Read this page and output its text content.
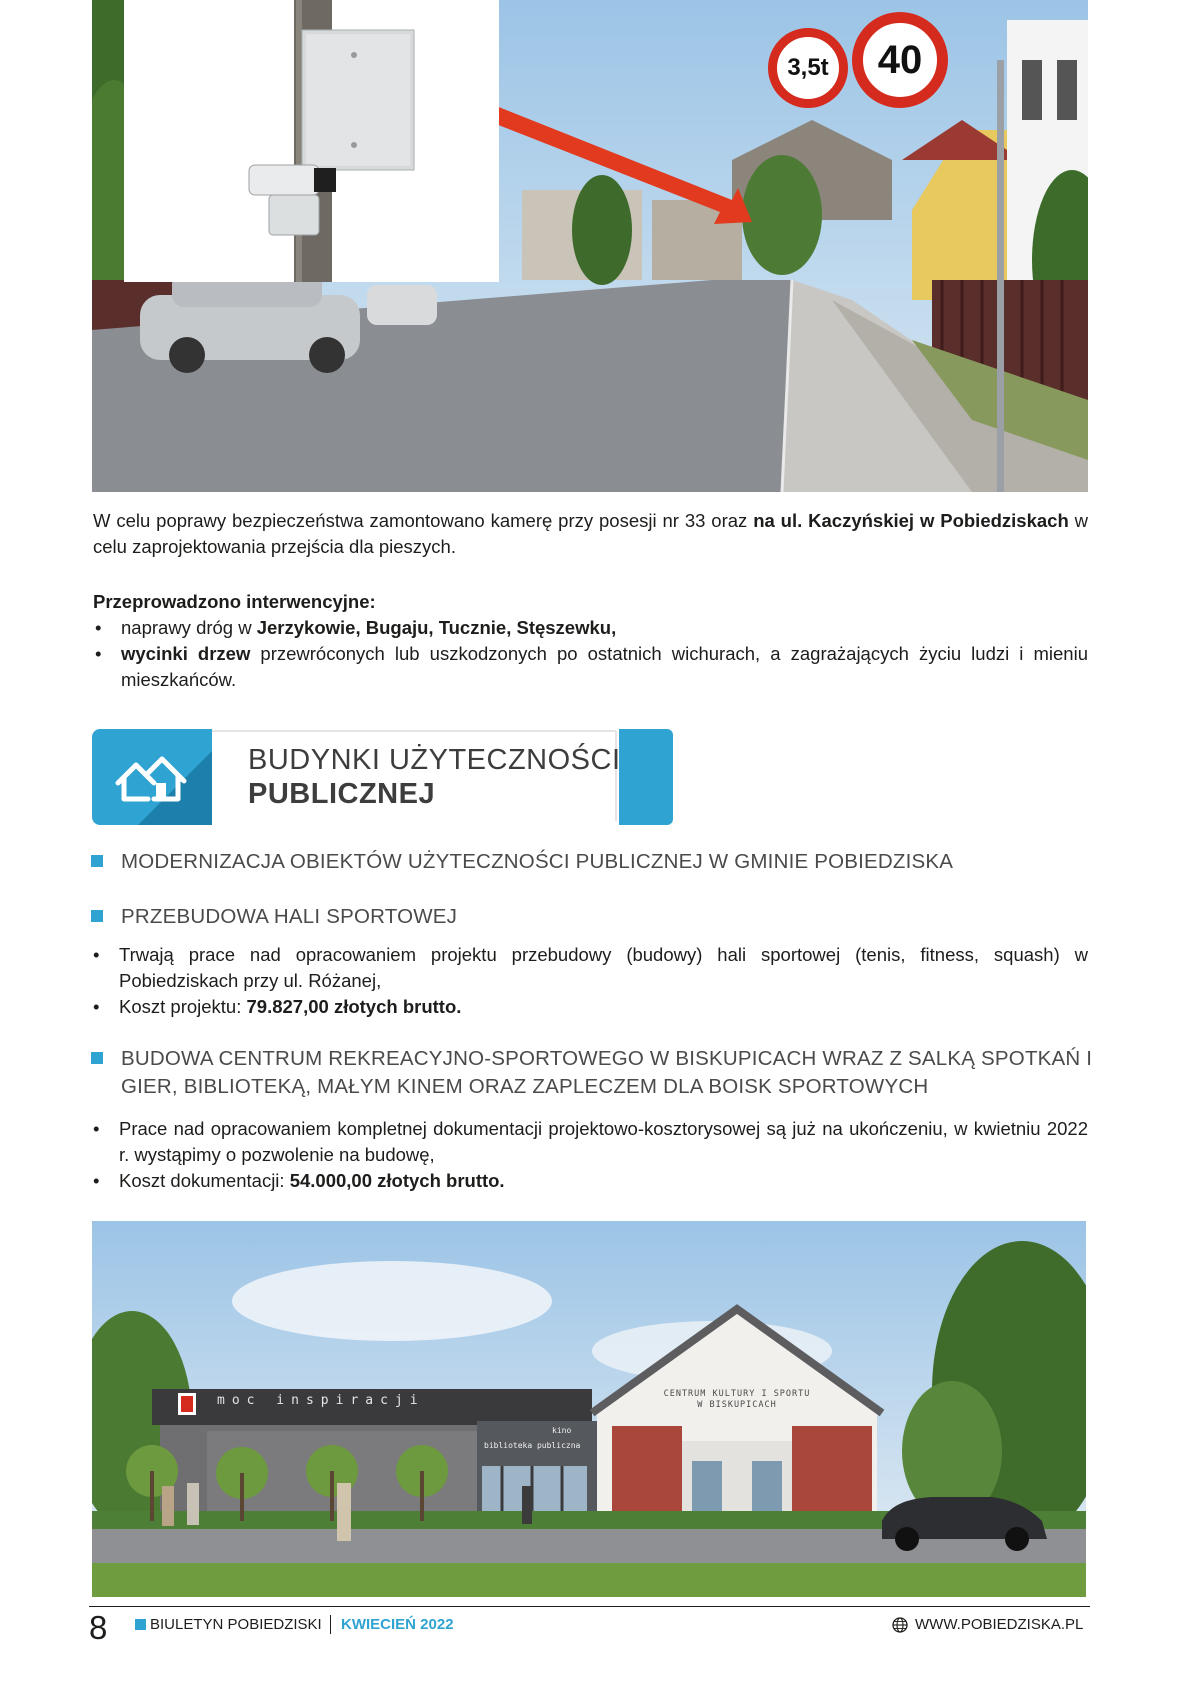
3,5t 40

W celu poprawy bezpieczeństwa zamontowano kamerę przy posesji nr 33 oraz na ul. Kaczyńskiej w Pobiedziskach w celu zaprojektowania przejścia dla pieszych.

Przeprowadzono interwencyjne:
• naprawy dróg w Jerzykowie, Bugaju, Tucznie, Stęszewku,
• wycinki drzew przewróconych lub uszkodzonych po ostatnich wichurach, a zagrażających życiu ludzi i mieniu mieszkańców.
BUDYNKI UŻYTECZNOŚCI
PUBLICZNEJ
MODERNIZACJA OBIEKTÓW UŻYTECZNOŚCI PUBLICZNEJ W GMINIE POBIEDZISKA
PRZEBUDOWA HALI SPORTOWEJ
• Trwają prace nad opracowaniem projektu przebudowy (budowy) hali sportowej (tenis, fitness, squash) w Pobiedziskach przy ul. Różanej,
• Koszt projektu: 79.827,00 złotych brutto.
BUDOWA CENTRUM REKREACYJNO-SPORTOWEGO W BISKUPICACH WRAZ Z SALKĄ SPOTKAŃ I GIER, BIBLIOTEKĄ, MAŁYM KINEM ORAZ ZAPLECZEM DLA BOISK SPORTOWYCH
• Prace nad opracowaniem kompletnej dokumentacji projektowo-kosztorysowej są już na ukończeniu, w kwietniu 2022 r. wystąpimy o pozwolenie na budowę,
• Koszt dokumentacji: 54.000,00 złotych brutto.
moc inspiracji
kino
biblioteka publiczna
CENTRUM KULTURY I SPORTU
W BISKUPICACH
8	BIULETYN POBIEDZISKI KWIECIEŃ 2022	WWW.POBIEDZISKA.PL
